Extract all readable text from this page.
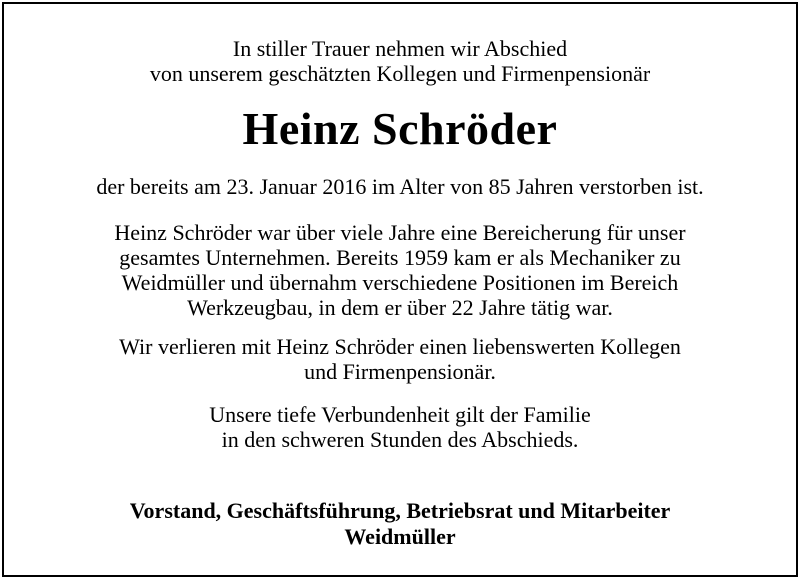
In stiller Trauer nehmen wir Abschied
von unserem geschätzten Kollegen und Firmenpensionär

Heinz Schröder

der bereits am 23. Januar 2016 im Alter von 85 Jahren verstorben ist.

Heinz Schröder war über viele Jahre eine Bereicherung für unser
gesamtes Unternehmen. Bereits 1959 kam er als Mechaniker zu
Weidmüller und übernahm verschiedene Positionen im Bereich
Werkzeugbau, in dem er über 22 Jahre tätig war.

Wir verlieren mit Heinz Schröder einen liebenswerten Kollegen
und Firmenpensionär.

Unsere tiefe Verbundenheit gilt der Familie
in den schweren Stunden des Abschieds.

Vorstand, Geschäftsführung, Betriebsrat und Mitarbeiter
Weidmüller
